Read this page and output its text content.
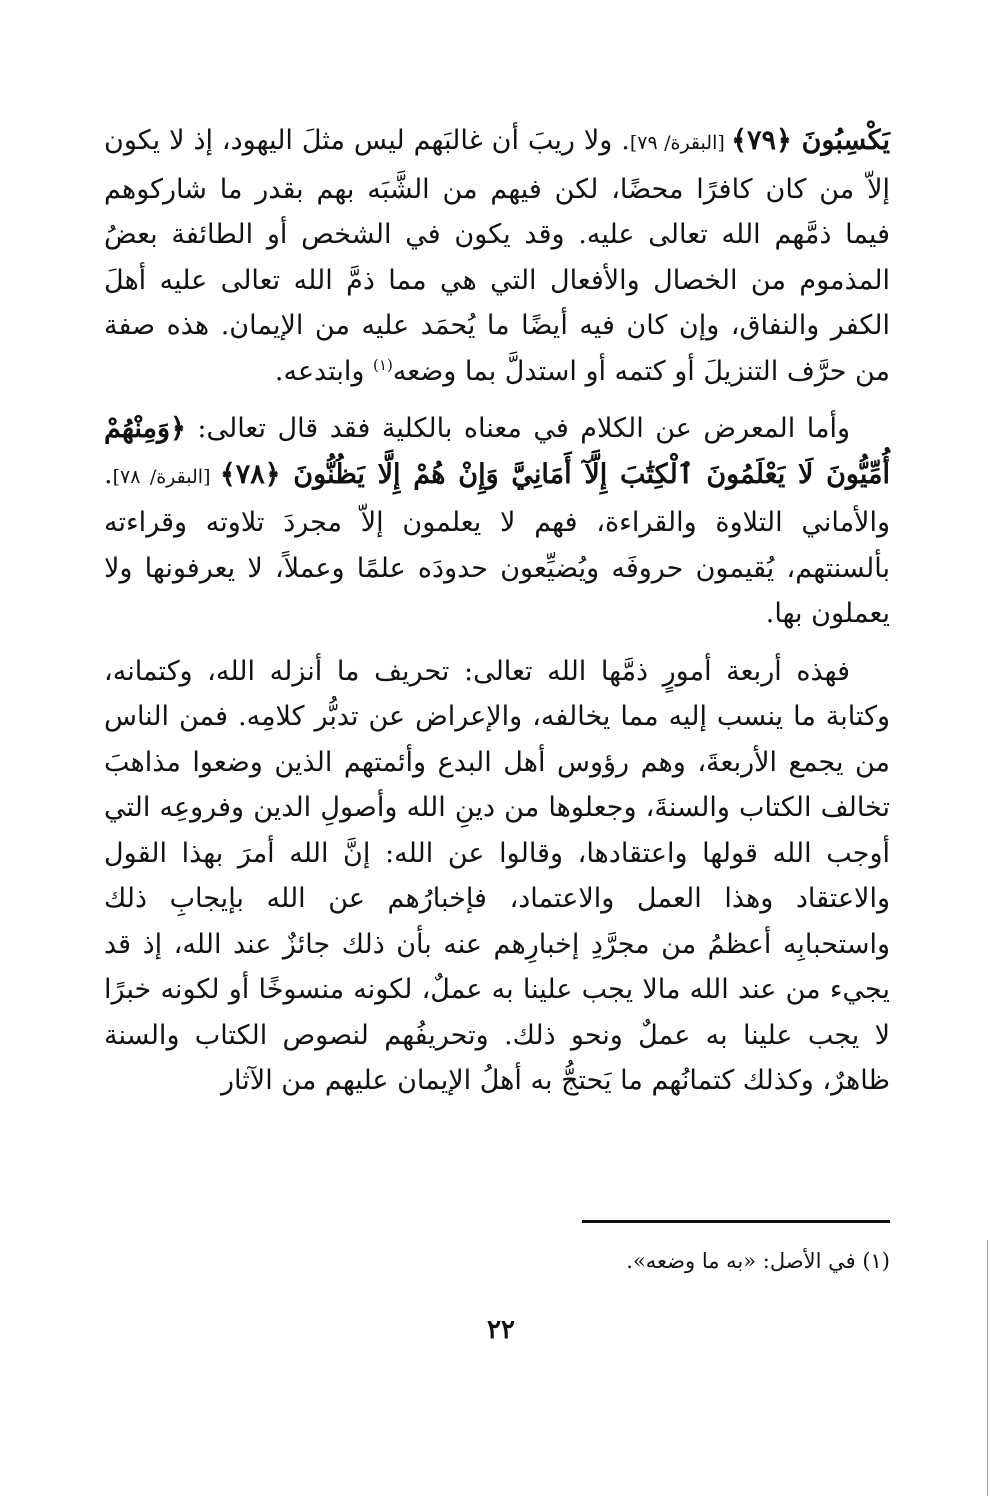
يَكْسِبُونَ ﴿٧٩﴾ [البقرة/ ٧٩]. ولا ريبَ أن غالبَهم ليس مثلَ اليهود، إذ لا يكون إلاّ من كان كافرًا محضًا، لكن فيهم من الشَّبَه بهم بقدر ما شاركوهم فيما ذمَّهم الله تعالى عليه. وقد يكون في الشخص أو الطائفة بعضُ المذموم من الخصال والأفعال التي هي مما ذمَّ الله تعالى عليه أهلَ الكفر والنفاق، وإن كان فيه أيضًا ما يُحمَد عليه من الإيمان. هذه صفة من حرَّف التنزيلَ أو كتمه أو استدلَّ بما وضعه$^{(١)}$ وابتدعه.

وأما المعرض عن الكلام في معناه بالكلية فقد قال تعالى: ﴿وَمِنْهُمْ أُمِّيُّونَ لَا يَعْلَمُونَ ٱلْكِتَٰبَ إِلَّآ أَمَانِيَّ وَإِنْ هُمْ إِلَّا يَظُنُّونَ ﴿٧٨﴾ [البقرة/ ٧٨]. والأماني التلاوة والقراءة، فهم لا يعلمون إلاّ مجردَ تلاوته وقراءته بألسنتهم، يُقيمون حروفَه ويُضيِّعون حدودَه علمًا وعملاً، لا يعرفونها ولا يعملون بها.

فهذه أربعة أمورٍ ذمَّها الله تعالى: تحريف ما أنزله الله، وكتمانه، وكتابة ما ينسب إليه مما يخالفه، والإعراض عن تدبُّر كلامِه. فمن الناس من يجمع الأربعةَ، وهم رؤوس أهل البدع وأئمتهم الذين وضعوا مذاهبَ تخالف الكتاب والسنةَ، وجعلوها من دينِ الله وأصولِ الدين وفروعِه التي أوجب الله قولها واعتقادها، وقالوا عن الله: إنَّ الله أمرَ بهذا القول والاعتقاد وهذا العمل والاعتماد، فإخبارُهم عن الله بإيجابِ ذلك واستحبابِه أعظمُ من مجرَّدِ إخبارِهم عنه بأن ذلك جائزٌ عند الله، إذ قد يجيء من عند الله مالا يجب علينا به عملٌ، لكونه منسوخًا أو لكونه خبرًا لا يجب علينا به عملٌ ونحو ذلك. وتحريفُهم لنصوص الكتاب والسنة ظاهرٌ، وكذلك كتمانُهم ما يَحتجُّ به أهلُ الإيمان عليهم من الآثار

(١) في الأصل: «به ما وضعه».
٢٢
